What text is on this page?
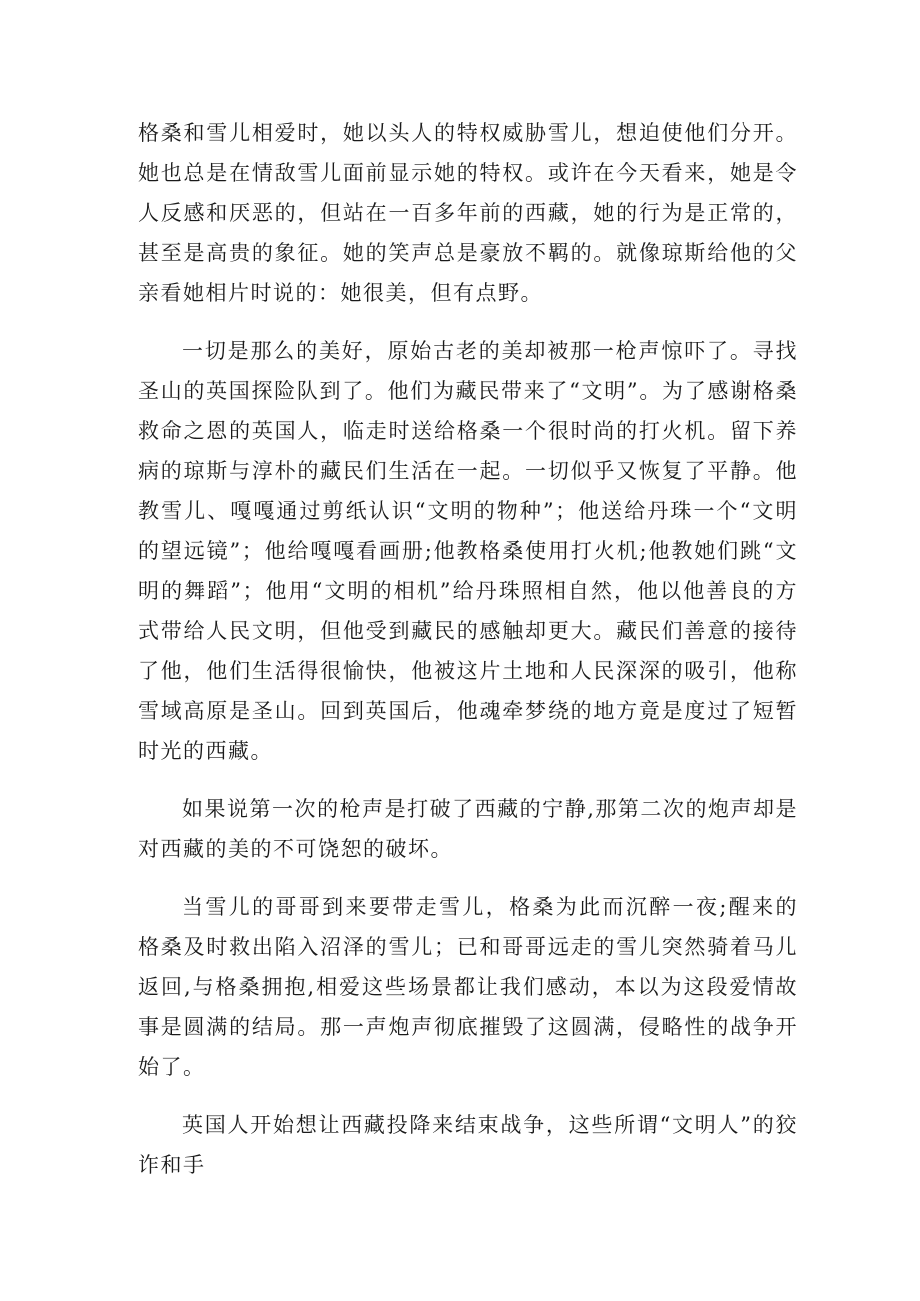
格桑和雪儿相爱时，她以头人的特权威胁雪儿，想迫使他们分开。她也总是在情敌雪儿面前显示她的特权。或许在今天看来，她是令人反感和厌恶的，但站在一百多年前的西藏，她的行为是正常的，甚至是高贵的象征。她的笑声总是豪放不羁的。就像琼斯给他的父亲看她相片时说的：她很美，但有点野。

一切是那么的美好，原始古老的美却被那一枪声惊吓了。寻找圣山的英国探险队到了。他们为藏民带来了“文明”。为了感谢格桑救命之恩的英国人，临走时送给格桑一个很时尚的打火机。留下养病的琼斯与淳朴的藏民们生活在一起。一切似乎又恢复了平静。他教雪儿、嘎嘎通过剪纸认识“文明的物种”；他送给丹珠一个“文明的望远镜”；他给嘎嘎看画册;他教格桑使用打火机;他教她们跳“文明的舞蹈”；他用“文明的相机”给丹珠照相自然，他以他善良的方式带给人民文明，但他受到藏民的感触却更大。藏民们善意的接待了他，他们生活得很愉快，他被这片土地和人民深深的吸引，他称雪域高原是圣山。回到英国后，他魂牵梦绕的地方竟是度过了短暂时光的西藏。

如果说第一次的枪声是打破了西藏的宁静,那第二次的炮声却是对西藏的美的不可饶恕的破坏。

当雪儿的哥哥到来要带走雪儿，格桑为此而沉醉一夜;醒来的格桑及时救出陷入沼泽的雪儿；已和哥哥远走的雪儿突然骑着马儿返回,与格桑拥抱,相爱这些场景都让我们感动，本以为这段爱情故事是圆满的结局。那一声炮声彻底摧毁了这圆满，侵略性的战争开始了。

英国人开始想让西藏投降来结束战争，这些所谓“文明人”的狡诈和手
